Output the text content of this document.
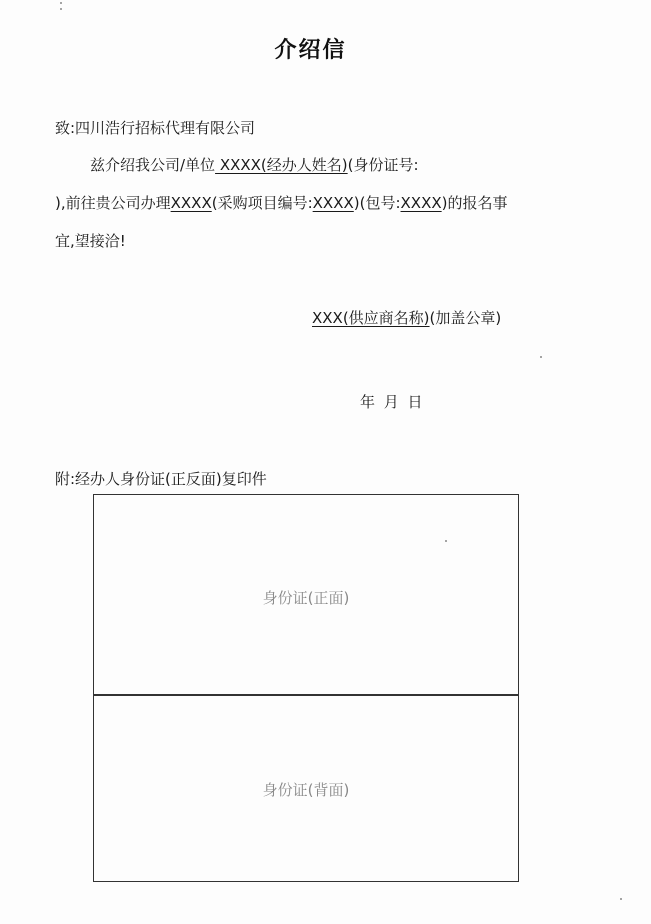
介绍信
致:四川浩行招标代理有限公司
兹介绍我公司/单位 XXXX(经办人姓名)(身份证号:
),前往贵公司办理XXXX(采购项目编号:XXXX)(包号:XXXX)的报名事
宜,望接洽!
XXX(供应商名称)(加盖公章)
年 月 日
附:经办人身份证(正反面)复印件
身份证(正面)
身份证(背面)
